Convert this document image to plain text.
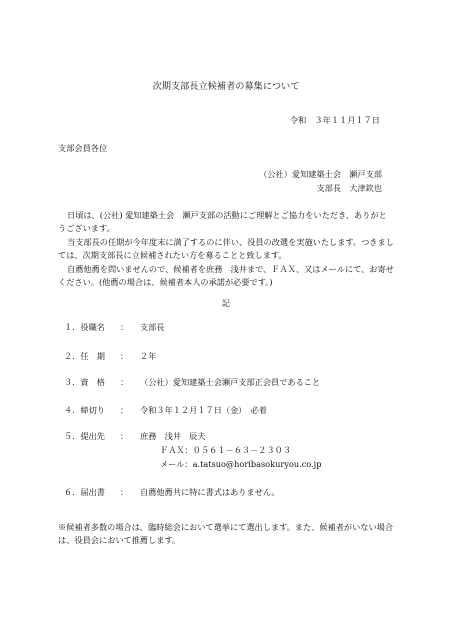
次期支部長立候補者の募集について
令和　３年１１月１７日
支部会員各位
（公社）愛知建築士会　瀬戸支部
支部長　大津欽也
日頃は、(公社) 愛知建築士会　瀬戸支部の活動にご理解とご協力をいただき、ありがとうございます。
当支部長の任期が今年度末に満了するのに伴い、役員の改選を実施いたします。つきましては、次期支部長に立候補されたい方を募ることと致します。
自薦他薦を問いませんので、候補者を庶務　浅井まで、ＦＡＸ、又はメールにて、お寄せください。(他薦の場合は、候補者本人の承諾が必要です。)
記
１．役職名	： 支部長
２．任　期	： ２年
３．資　格	： （公社）愛知建築士会瀬戸支部正会員であること
４．締切り	： 令和３年１２月１７日（金）　必着
５．提出先	： 庶務　浅井　辰夫
ＦＡＸ：０５６１－６３－２３０３
メール：a.tatsuo@horibasokuryou.co.jp
６．届出書	： 自薦他薦共に特に書式はありません。
※候補者多数の場合は、臨時総会において選挙にて選出します。また、候補者がいない場合は、役員会において推薦します。
